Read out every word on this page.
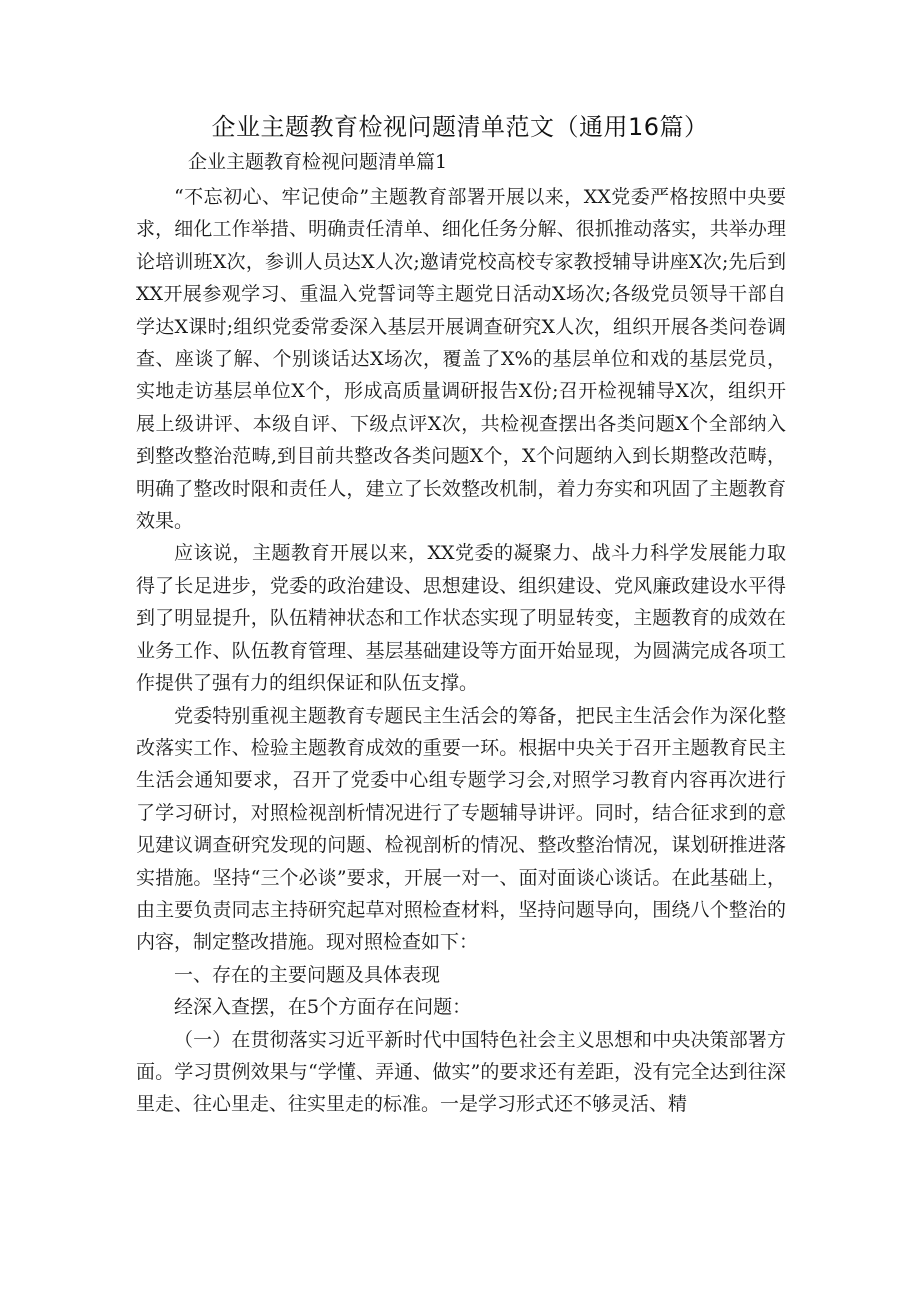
企业主题教育检视问题清单范文（通用16篇）
企业主题教育检视问题清单篇1

“不忘初心、牢记使命”主题教育部署开展以来，XX党委严格按照中央要求，细化工作举措、明确责任清单、细化任务分解、很抓推动落实，共举办理论培训班X次，参训人员达X人次;邀请党校高校专家教授辅导讲座X次;先后到XX开展参观学习、重温入党誓词等主题党日活动X场次;各级党员领导干部自学达X课时;组织党委常委深入基层开展调查研究X人次，组织开展各类问卷调查、座谈了解、个别谈话达X场次，覆盖了X%的基层单位和戏的基层党员，实地走访基层单位X个，形成高质量调研报告X份;召开检视辅导X次，组织开展上级讲评、本级自评、下级点评X次，共检视查摆出各类问题X个全部纳入到整改整治范畴,到目前共整改各类问题X个，X个问题纳入到长期整改范畴，明确了整改时限和责任人，建立了长效整改机制，着力夯实和巩固了主题教育效果。

应该说，主题教育开展以来，XX党委的凝聚力、战斗力科学发展能力取得了长足进步，党委的政治建设、思想建设、组织建设、党风廉政建设水平得到了明显提升，队伍精神状态和工作状态实现了明显转变，主题教育的成效在业务工作、队伍教育管理、基层基础建设等方面开始显现，为圆满完成各项工作提供了强有力的组织保证和队伍支撑。

党委特别重视主题教育专题民主生活会的筹备，把民主生活会作为深化整改落实工作、检验主题教育成效的重要一环。根据中央关于召开主题教育民主生活会通知要求，召开了党委中心组专题学习会,对照学习教育内容再次进行了学习研讨，对照检视剖析情况进行了专题辅导讲评。同时，结合征求到的意见建议调查研究发现的问题、检视剖析的情况、整改整治情况，谋划研推进落实措施。坚持“三个必谈”要求，开展一对一、面对面谈心谈话。在此基础上，由主要负责同志主持研究起草对照检查材料，坚持问题导向，围绕八个整治的内容，制定整改措施。现对照检查如下：

一、存在的主要问题及具体表现

经深入查摆，在5个方面存在问题：

（一）在贯彻落实习近平新时代中国特色社会主义思想和中央决策部署方面。学习贯例效果与“学懂、弄通、做实”的要求还有差距，没有完全达到往深里走、往心里走、往实里走的标准。一是学习形式还不够灵活、精
